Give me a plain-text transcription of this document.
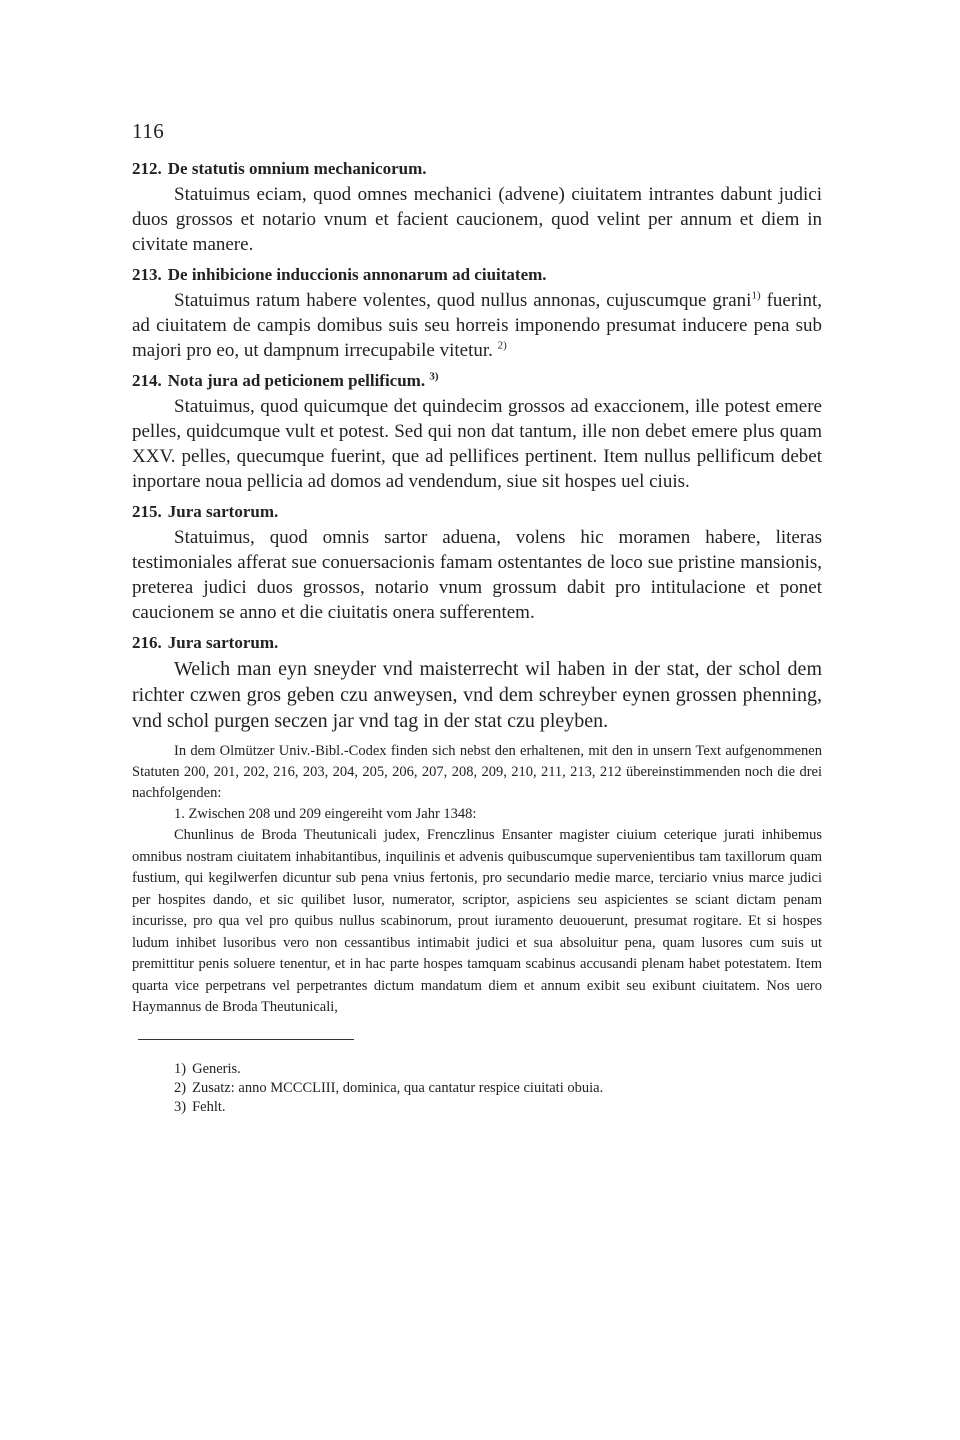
116
212. De statutis omnium mechanicorum.

Statuimus eciam, quod omnes mechanici (advene) ciuitatem intrantes dabunt judici duos grossos et notario vnum et facient caucionem, quod velint per annum et diem in civitate manere.

213. De inhibicione induccionis annonarum ad ciuitatem.

Statuimus ratum habere volentes, quod nullus annonas, cujuscumque grani$^{1)}$ fuerint, ad ciuitatem de campis domibus suis seu horreis imponendo presumat inducere pena sub majori pro eo, ut dampnum irrecupabile vitetur. $^{2)}$

214. Nota jura ad peticionem pellificum. $^{3)}$

Statuimus, quod quicumque det quindecim grossos ad exaccionem, ille potest emere pelles, quidcumque vult et potest. Sed qui non dat tantum, ille non debet emere plus quam XXV. pelles, quecumque fuerint, que ad pellifices pertinent. Item nullus pellificum debet inportare noua pellicia ad domos ad vendendum, siue sit hospes uel ciuis.

215. Jura sartorum.

Statuimus, quod omnis sartor aduena, volens hic moramen habere, literas testimoniales afferat sue conuersacionis famam ostentantes de loco sue pristine mansionis, preterea judici duos grossos, notario vnum grossum dabit pro intitulacione et ponet caucionem se anno et die ciuitatis onera sufferentem.

216. Jura sartorum.

Welich man eyn sneyder vnd maisterrecht wil haben in der stat, der schol dem richter czwen gros geben czu anweysen, vnd dem schreyber eynen grossen phenning, vnd schol purgen seczen jar vnd tag in der stat czu pleyben.

In dem Olmützer Univ.-Bibl.-Codex finden sich nebst den erhaltenen, mit den in unsern Text aufgenommenen Statuten 200, 201, 202, 216, 203, 204, 205, 206, 207, 208, 209, 210, 211, 213, 212 übereinstimmenden noch die drei nachfolgenden:

1. Zwischen 208 und 209 eingereiht vom Jahr 1348:

Chunlinus de Broda Theutunicali judex, Frenczlinus Ensanter magister ciuium ceterique jurati inhibemus omnibus nostram ciuitatem inhabitantibus, inquilinis et advenis quibuscumque supervenientibus tam taxillorum quam fustium, qui kegilwerfen dicuntur sub pena vnius fertonis, pro secundario medie marce, terciario vnius marce judici per hospites dando, et sic quilibet lusor, numerator, scriptor, aspiciens seu aspicientes se sciant dictam penam incurisse, pro qua vel pro quibus nullus scabinorum, prout iuramento deuouerunt, presumat rogitare. Et si hospes ludum inhibet lusoribus vero non cessantibus intimabit judici et sua absoluitur pena, quam lusores cum suis ut premittitur penis soluere tenentur, et in hac parte hospes tamquam scabinus accusandi plenam habet potestatem. Item quarta vice perpetrans vel perpetrantes dictum mandatum diem et annum exibit seu exibunt ciuitatem. Nos uero Haymannus de Broda Theutunicali,

1) Generis.

2) Zusatz: anno MCCCLIII, dominica, qua cantatur respice ciuitati obuia.

3) Fehlt.
